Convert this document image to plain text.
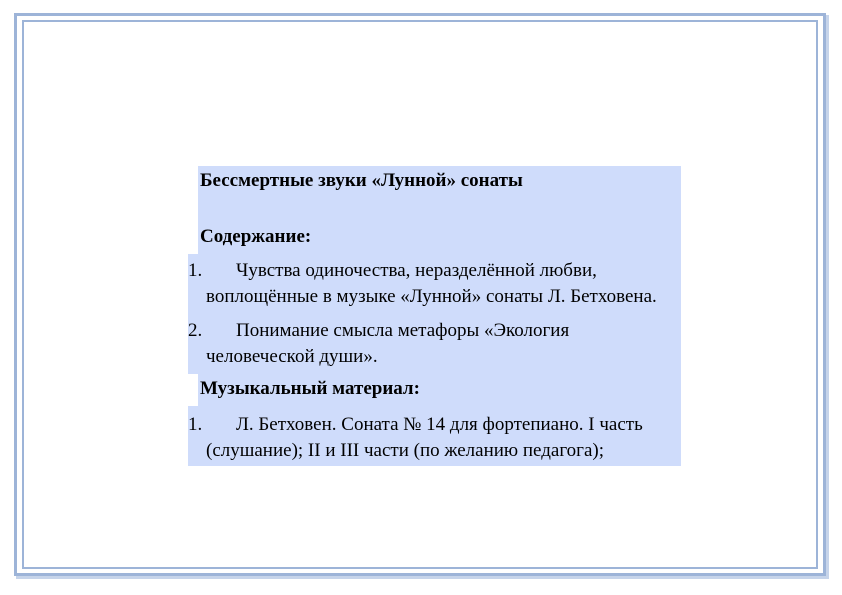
Бессмертные звуки «Лунной» сонаты
Содержание:
1.	Чувства одиночества, неразделённой любви, воплощённые в музыке «Лунной» сонаты Л. Бетховена.
2.	Понимание смысла метафоры «Экология человеческой души».
Музыкальный материал:
1.	Л. Бетховен. Соната № 14 для фортепиано. I часть (слушание); II и III части (по желанию педагога);
